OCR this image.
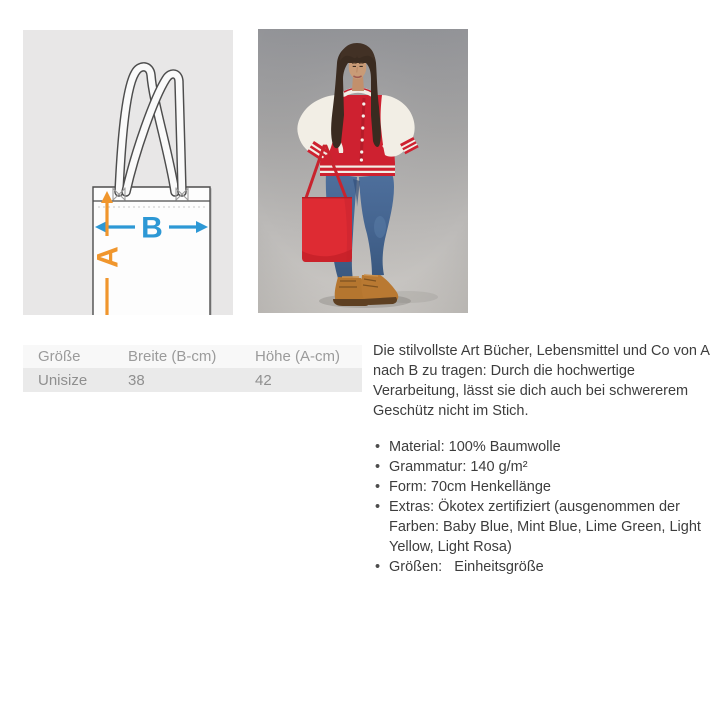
B
A
Größe	Breite (B-cm)	Höhe (A-cm)
Unisize	38	42

Die stilvollste Art Bücher, Lebensmittel und Co von A nach B zu tragen: Durch die hochwertige Verarbeitung, lässt sie dich auch bei schwererem Geschütz nicht im Stich.

• Material: 100% Baumwolle
• Grammatur: 140 g/m²
• Form: 70cm Henkellänge
• Extras: Ökotex zertifiziert (ausgenommen der Farben: Baby Blue, Mint Blue, Lime Green, Light Yellow, Light Rosa)
• Größen:   Einheitsgröße
